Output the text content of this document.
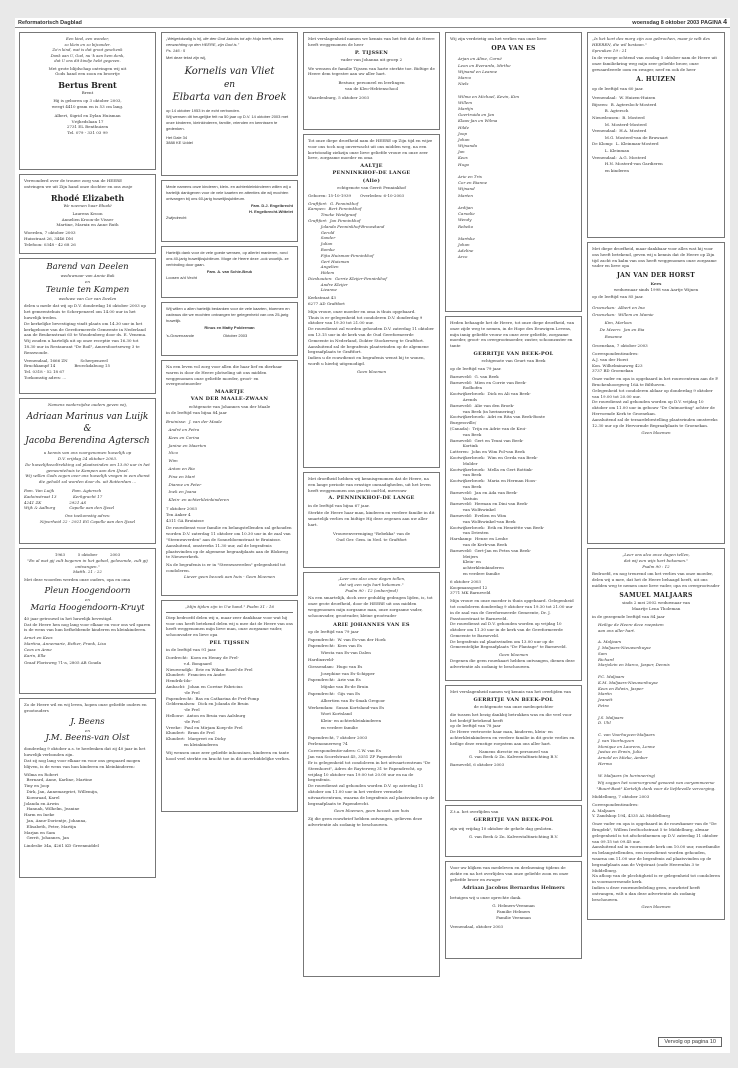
Reformatorisch Dagblad	woensdag 8 oktober 2003 PAGINA 4
Een kind, een wonder,
zo klein en zo bijzonder.
Zo'n kind, wat is dat groot geschenk
Dank aan U, God, nu 'k aan hem denk,
dat U ons dit kindje hebt gegeven.
Met grote blijdschap ontvingen wij uit
Gods hand een zoon en broertje
Bertus Brent
Brent
Hij is geboren op 3 oktober 2003,
weegt 4410 gram en is 53 cm lang.
Albert, Sigrid en Dylan Huisman
Vrijhedslaan 17
2731 EL Benthuizen
Tel. 079 - 331 03 99
Verwonderd over de trouwe zorg van de HEERE
ontvingen we uit Zijn hand onze dochter en ons zusje
Rhodé Elizabeth
We noemen haar Rhodé
Laurens Kroon
Annelien Kroon-de Visser
Martine, Marnix en Anne Ruth
Woerden, 7 oktober 2003
Huisstraat 26, 3446 DM
Telefoon: 0348 - 42 68 26
Barend van Deelen
weduwnaar van Annie Bak
en
Teunie ten Kampen
weduwe van Cor van Deelen
delen u mede dat wij op D.V. donderdag 16 oktober 2003 op het gemeentehuis te Scherpenzeel om 14.00 uur in het huwelijk treden.
De kerkelijke bevestiging vindt plaats om 14.30 uur in het kerkgebouw van de Gereformeerde Gemeente in Nederland aan de Beukenstraat 65 te Woudenberg door ds. E. Venema.
Wij zouden u hartelijk uit op onze receptie van 16.30 tot 18.30 uur in Restaurant "De Boil", Amersfoortseweg 3 te Renswoude.
Veenendaal, 1666 ZN          Scherpenzeel
Bruchkampf 14               Broeckdabuog 15
Tel. 0318 - 52 18 67
Toekomstig adres: ...
Namens wederzijdse ouders geven wij,
Adriaan Marinus van Luijk
&
Jacoba Berendina Agtersch
u kennis van ons voorgenomen huwelijk op
D.V. vrijdag 24 oktober 2003.
De huwelijksvoltrekking zal plaatsvinden om 13.00 uur in het gemeentehuis te Kampen aan den IJssel.
Wij willen Gods zegen over ons huwelijk vragen in een dienst die gehold zal worden door ds. uit Rotterdam ...
Fam. Van Luijk              Fam. Agtersch
Kadoinstraat 13             Kerkgracht 17
4241 ZK                      2921 AS
Wijk & Aalburg           Capelle aan den IJssel
Ons toekomstig adres:
Nijverheid 22 - 2921 EG Capelle aan den IJssel
1963          5 oktober          2003
"En al wat gij zult begeren in het gebed, gelovende, zult gij ontvangen."
Matth. 21 : 22
Met deze woorden werden onze ouders, opa en oma
Pleun Hoogendoorn
en
Maria Hoogendoorn-Kruyt
40 jaar getrouwd in het huwelijk bevestigd.
Dat de Heere hen nog lang voor elkaar en voor ons wil sparen is de wens van hun liefhebbende kinderen en kleinkinderen.
Arnet en Kees
Martina, Annemarie, Esther, Frank, Lisa
Cees en Anne
Karin, Ella
Graaf Florisweg 71-a, 2805 AB Gouda
Zo de Heere wil en wij leven, hopen onze geliefde ouders en grootouders
J. Beens
en
J.M. Beens-van Olst
donderdag 9 oktober a.s. te herdenken dat zij 40 jaar in het huwelijk verbonden zijn.
Dat zij nog lang voor elkaar en voor ons gespaard mogen blijven, is de wens van hun kinderen en kleinkinderen:
Wilma en Robert
Bernard, Anne, Karline, Martine
Tiny en Joop
Dirk, Jan, Annemargriet, Willemijn,
Koenraad, Karel
Jolanda en Arwin
Hannah, Wilhelm, Jeanine
Harm en Ineke
Jan, Anne-Dorientje, Johanna,
Elisabeth, Peter, Martijn
Marjan en Sam
Gerrit, Johannes, Jan
Lindeslie 34a, 4261 KD Greenmiddel
„Welgelukzalig is hij, die den God Jakobs tot zijn Hulp heeft, wiens verwachting op den HEERE, zijn God is."
Ps. 146 : 5
Met deze tekst zijn wij,
Kornelis van Vliet
en
Elbarta van den Broek
op 14 oktober 1953 in de echt verbonden.
Wij wensen dit heugelijke feit na 50 jaar op D.V. 14 oktober 2003 met onze kinderen, kleinkinderen, familie, vrienden en kennissen te gedenken.
Het Dale 34
3888 KE Uddel
Mede namens onze kinderen, klein- en achterkleinkinderen willen wij u hartelijk dankgeven voor de vele kaarten en attenties die wij mochten ontvangen bij ons 60-jarig huwelijksjubileum.
Fam. D.J. Engelbrecht
H. Engelbrecht-Wittelet
Zwijndrecht
Hartelijk dank voor de vele goede wensen, op allerlei manieren, rond ons 40-jarig huwelijksjubileum. Moge de Heere deze -ook woorlijk- ze verbinding door gaan.
Fam. A. van Schie-Beuk
Loosen a/d Vecht
Wij willen u allen hartelijk bedanken voor de vele kaarten, bloemen en cadeaus die we mochten ontvangen ter gelegenheid van ons 25-jarig huwelijk.
Rinus en Matty Polderman
's-Gravenzande                          Oktober 2003
Na een leven vol zorg voor allen die haar lief en dierbaar waren is door de Heere plotseling uit ons midden weggenomen onze geliefde moeder, groot- en overgrootmoeder
MAARTJE
VAN DER MAALE-ZWAAN
echtgenote van Johannes van der Maale
in de leeftijd van bijna 84 jaar
Bruinisse:  J. van der Maale
André en Petra
Kees en Corina
Janine en Maarten
Nico
Wim
Anton en Ria
Pina en Mart
Dianne en Peter
Inek en Joana
Klein- en achterkleinkinderen
7 oktober 2003
Ten Anker 4
4311 GA Bruinisse
De rouwdienst voor familie en belangstellenden zal gehouden worden D.V. zaterdag 11 oktober om 10.30 uur in de zaal van "Steenwaverden" aan de Sonnebloemstraat te Bruinisse.
Aansluitend, omstreeks 11.30 uur, zal de begrafenis plaatsvinden op de algemene begraafplaats aan de Blokweg te Nieuwerkerk.
Na de begrafenis is er in "Steenwaverden" gelegenheid tot condoleren.
Liever geen bezoek aan huis - Geen bloemen
„Mijn tijden zijn in Uw hand." Psalm 31 : 16
Diep bedroefd delen wij u, maar zeer dankbaar voor wat hij voor ons heeft betekend delen wij u mee dat de Heere van ons heeft weggenomen mijn lieve man, onze zorgzame vader, schoonvader en lieve opa
PEL TIJSSEN
in de leeftijd van 91 jaar.
Dordrecht:  Koen en Henny de Frel-
v.d. Bongaard
Nieuwendijk:  Erie en Wilma Rozel-de Frel
Klundert:  Francien en Andre
Hendrik-Ido-
Ambacht:  Johan en Corrine Fabricius
-de Frel
Papendrecht:  Bas en Catharina de Frel-Pomp
Geldermalsen:  Dick en Jolanda de Bruin
-de Frel
Hellouw:  Anton en Bruia van Aalsburg
-de Frel
Vreeke:  Paul en Mirjam Koep-de Frel
Klundert:  Bram de Frel
Klundert:  Margreet en Dicky
en kleinkinderen
Wij wensen onze zeer geliefde inhousines, kinderen en tante hood veel sterkte en kracht toe in dit onverbiddelijke verlies.
Met verslagenheid namen we kennis van het feit dat de Heere heeft weggenomen de heer
P. TIJSSEN
vader van Johanna uit groep 2
We wensen de familie Tijssen van harte sterkte toe. Bidtige de Heere dem tegestre aan uw aller hart.
Bestuur, personeel en leerlingen
van de Kleo-Hebtenschool
Waardenburg, 5 oktober 2003
Tot onze diepe droefheid nam de HEERE op Zijn tijd en wijze voor ons toch nog onverwacht uit ons midden weg, na een kortstondig ziekzijn onze lieve geliefde vrouw en onze zeer lieve, zorgzame moeder en oma
AALTJE
PENNINKHOF-DE LANGE
(Alie)
echtgenote van Gerrit Penninkhof
Geboren: 15-10-1939       Overleden: 6-10-2003
Graftfort:  G. Penninkhof
Kampen:  Bert Penninkhof
Tineke Weidgraaf
Graftfort:  Jan Penninkhof
Jolanda Penninkhof-Brouwkand
Gerold
Sander
Julian
Romke
Fijta Huisman-Penninkhof
Gert Huisman
Angelien
Hidem
Dieshouten:  Gerrie Kleijer-Penninkhof
Andre Kleijer
Lieanne
Kerkstraat 43
6277 AD Graftfort
Mijn vrouw, onze moeder en oma is thuis opgebaard.
Thuis is er gelegenheid tot condoleren D.V. donderdag 9 oktober van 19.30 tot 21.00 uur.
De rouwdienst zal worden gehouden D.V. zaterdag 11 oktober om 13.15 uur in de kerk van de Oud Gereformeerde Gemeente in Nederland, Dokter Stockerweg te Graftfort.
Aansluitend zal de begrafenis plaatsvinden op de algemene begraafplaats te Graftfort.
Indien u de rouwdienst en begrafenis wenst bij te wonen, wordt u hierbij uitgenodigd.
Geen bloemen
Met droefheid hebben wij kennisgenomen dat de Heere, na een lange periode van ernstige onraadigheden, uit het leven heeft weggenomen ons geacht oud-lid, mevrouw
A. PENNINKHOF-DE LANGE
in de leeftijd van bijna 67 jaar.
Sterkte de Heere haar man, kinderen en verdere familie in dit smartelijk verlies en bidtige Hij deze zegenen aan uw aller hart.
Vrouwenvereniging "Rebekka" van de
Oud Ger. Gem. in Ned. te Graftfort
„Leer ons alzo onze dagen tellen,
dat wij een wijs hart bekomen."
Psalm 90 : 12 (onberijmd)
Na een smartelijk, doch zeer geduldig gedragen lijden, is, tot onze grote droefheid, door de HEERE uit ons midden weggenomen mijn zorgzame man, onze zorgzame vader, schoonvader, grootvader, kleine grootvader
ARIE JOHANNES VAN ES
op de leeftijd van 79 jaar
Papendrecht:  W. van Es-van der Hoek
Papendrecht:  Kees van Es
Wiesta van Es-van Dalen
Hardinxveld-
Giessendam:  Hugo van Es
Josephine van Es-Schipper
Papendrecht:  Arie van Es
Mijnke van Es-de Bruin
Papendrecht:  Gijs van Es
Albertien van Es-Smak Gregoor
Werkendam:  Susan Kortsland-van Es
Woet Kortsland
Klein- en achterkleinkinderen
en verdere familie
Papendrecht, 7 oktober 2003
Perlenonnerweg 74
Correspondentie-adres: C.W. van Es
Jan van Scorelstraat 45, 3351 ZP Papendrecht
Er is gelegenheid tot condoleren in het uitvaartcentrum "De Steenhorst", Adres de Rayterweg 31 te Papendrecht, op vrijdag 10 oktober van 19.00 tot 20.00 uur en na de begrafenis.
De rouwdienst zal gehouden worden D.V. op zaterdag 11 oktober om 11.00 uur in het verdere vermelde uitvaartcentrum, waarna de begrafenis zal plaatsvinden op de begraafplaats te Papendrecht.
Geen bloemen, geen bezoek aan huis
Zij die geen rouwbrief hebben ontvangen, gelieven deze advertentie als zodanig te beschouwen.
Wij zijn verdrietig om het verlies van onze lieve
OPA VAN ES
Arjan en Aline, Corné
Leon en Everarda, Mirthe
Wijnand en Leanne
Marco
Niels

Wilma en Michael, Kevin, Kim
Willem
Martijn
Geertruida en Jan
Klaas-Jan en Wilma
Hilde
Joop
Johan
Wijnanda
Jan
Kees
Hugo

Arie en Trix
Cor en Rianne
Wijnand
Marten

Ardijan
Carsalie
Wendy
Rebeko

Martske
Johan
Adeline
Arco
Heden behaagde het de Heere, tot onze diepe droefheid, van onze zijde weg te nemen, in de Hope des Eeuwigen Levens, mijn innig geliefde vrouw en onze zeer geliefde, zorgzame moeder, groot- en overgrootmoeder, zuster, schoonzuster en tante
GERRITJE VAN BEEK-POL
echtgenote van Geurt van Beek
op de leeftijd van 79 jaar.
Barneveld:  G. van Beek
Barneveld:  Mien en Corrie van Beek-
Rodhofen
Kootwijkerbroek:  Dick en Ali van Beek-
Arends
Barneveld:  Alie van den Broek-
van Beek (in herinnering)
Kootwijkerbroek:  Adri en Rita van Beek-Bonte
Burgessville/
(Canada):  Trijn en Adrie van de Kroi-
van Beek
Barneveld:  Gert en Teuni van Beek-
Kortink
Lutteren:  John en Wim Pol-van Beek
Kootwijkerbroek:  Wim en Gerda van Beek-
Mulder
Kootwijkerbroek:  Mella en Gert Bottink-
van Beek
Kootwijkerbroek:  Maria en Herman Hoos-
van Beek
Barneveld:  Jan en Ada van Beek-
Vastuin
Barneveld:  Herman en Dini van Beek-
van Wolfswinkel
Barneveld:  Evelien en Wim
van Wolfswinkel-van Beek
Kootwijkerbroek:  Erik en Henriëtte van Beek-
van Driesten
Harskamp:  Henze en Lenhe
van de Kerk-van Beek
Barneveld:  Gert-Jan en Petra van Beek-
Meijers
Klein- en
achterkleinkinderen
en verdere familie
6 oktober 2003
Koopmansgoed 12
3771 MK Barneveld
Mijn vrouw en onze moeder is thuis opgebaard. Gelegenheid tot condoleren donderdag 9 oktober van 19.30 tot 21.00 uur in de zaal van de Gereformeerde Gemeente, Dr. J. Passtoorstraat te Barneveld.
De rouwdienst zal D.V. gehouden worden op vrijdag 10 oktober om 11.30 uur in de kerk van de Gereformeerde Gemeente te Barneveld.
De begrafenis zal plaatsvinden om 13.00 uur op de Gemeentelijke Begraafplaats "De Plantage" te Barneveld.
Geen bloemen
Degenen die geen rouwkaart hebben ontvangen, dienen deze advertentie als zodanig te beschouwen.
Met verslagenheid namen wij kennis van het overlijden van
GERRITJE VAN BEEK-POL
de echtgenote van onze medeoprichter
die tussen het bezig dankbij betrokken was en die veel voor het bedrijf betekend heeft
op de leeftijd van 78 jaar
De Heere vertroeste haar man, kinderen, klein- en achterkleinkinderen en verdere familie in dit grote verlies en heilige deze ernstige roepstem aan ons aller hart.
Namens directie en personeel van
G. van Beek & Zn. Kalverstaltinrichting B.V.
Barneveld, 6 oktober 2003
Z.t.a. het overlijden van
GERRITJE VAN BEEK-POL
zijn wij vrijdag 10 oktober de gehele dag gesloten.
G. van Beek & Zn. Kalverstaltinrichting B.V.
Voor uw blijken van medeleven en deelneming tijdens de ziekte en na het overlijden van onze geliefde zoon en onze geliefde broer en zwager
Adriaan Jacobus Bernardus Helmers
betuigen wij u onze oprechte dank.
G. Helmers-Veenman
Familie Helmers
Familie Veenman
Veenendaal, oktober 2003
„Is het kort des morg zijn zoo gebrochen, maar je wilt des HEEREN, die wil bestaan."
Spreuken 19 : 21
In de vroege ochtend van zondag 5 oktober nam de Heere uit onze familiekring weg mijn zeer geliefde broer, onze gewaardeerde oom en zwager, neef en ook de heer
A. HUIZEN
op de leeftijd van 60 jaar.
Veenendaal:  W. Huizen-Huizen
Bijseen:  B. Agtersloch-Mosterd
B. Agtersch
Nieuwleusen:  B. Mosterd
M. Mosterd-Mosterd
Veenendaal:  H.A. Mosterd
M.G. Mosterd-van de Bruwaart
De Klomp:  L. Kleinman-Mosterd
L. Kleinman
Veenendaal:  A.G. Mosterd
H.N. Mosterd-van Gardieren
en kinderen
Met diepe droefheid, maar dankbaar voor alles wat hij voor ons heeft betekend, geven wij u kennis dat de Heere op Zijn tijd zacht en kalm van ons heeft weggenomen onze zorgzame vader en lieve opa
JAN VAN DER HORST
Kees
weduwnaar sinds 1998 van Aartje Wijnen
op de leeftijd van 85 jaar.
Groenekan:  Albert en Ina
Groenekan:  Willem en Mamie
Kim, Marloes
De Meern:  Jan en Ria
Rosanne
Groenekan, 7 oktober 2003
Correspondentieadres:
A.J. van der Horst
Kon. Wilhelminaweg 423
3737 BD Groenekan
Onze vader en opa is opgebaard in het rouwcentrum aan de P. Bruckenhoorgweg 16A te Bilthoven.
Gelegenheid tot condoleren aldaar op donderdag 9 oktober van 19.00 tot 20.00 uur.
De rouwdienst zal gehouden worden op D.V. vrijdag 10 oktober om 11.00 uur in gebouw "De Ontmoeting" achter de Hervormde Kerk te Groenekan.
Aansluitend zal de teraardebestelling plaatsvinden omstreeks 12.30 uur op de Hervormde Begraafplaats te Groenekan.
Geen bloemen
„Leer ons alzo onze dagen tellen,
dat wij een wijs hart bekomen."
Psalm 90 : 12
Bedroefd, en nog treurend om het verlies van onze moeder, delen wij u mee, dat het de Heere behaagd heeft, uit ons midden weg te nemen onze lieve vader, opa en overgrootvader
SAMUEL MALJAARS
sinds 2 mei 2002 weduwnaar van
Maartje Lena Tholeman
in de gezegende leeftijd van 84 jaar
Heilige de Heere deze roepstem
aan ons aller hart.

A. Maljaars
J. Maljaars-Nieuwenhuyse
Sam
Richard
Marjolein en Marco, Jasper, Dennis

P.C. Maljaars
K.M. Maljaars-Nieuwenhuyse
Kees en Edwin, Jasper
Martin
Jeanett
Petra

J.S. Maljaars
D. Uhl

C. van Voorhuyzen-Maljaars
J. van Voorhuyzen
Monique en Laurens, Lenne
Justus en Erwin, Julia
Arnold en Mieke, Amber
Herma

W. Maljaars (in herinnering)
Wij zoggen het voorvorgrond geweest van ooryammeerse "Buurt-Baat" Kortelijk dank voor de liefdevolle verzorging.
Middelburg, 7 oktober 2003
Correspondentieadres:
A. Maljaars
Y. Zandskop 194, 4335 AL Middelburg
Onze vader en opa is opgebaard in de rouwkamer van de "De Brugdek", Willem Iweltochstraat 5 te Middelburg, alwaar gelegenheid is tot afscheidnemen op D.V. zaterdag 11 oktober van 09.15 tot 09.45 uur.
Aansluitend zal in voornoemde kerk om 10.00 uur, rouwfamilie en belangstellenden, een rouwdienst worden gehouden, waarna om 11.00 uur de begrafenis zal plaatsvinden op de begraafplaats aan de Vrijstraat (oude Heerenhis 3 te Middelburg.
Na afloop van de plechtigheid is er gelegenheid tot condoleren in voormoeresende kerk.
Indien u deze rouwmededeling geen, rouwbrief heeft ontvangen, wilt u dan deze advertentie als zodanig beschouwen.
Geen bloemen
Vervolg op pagina 10
